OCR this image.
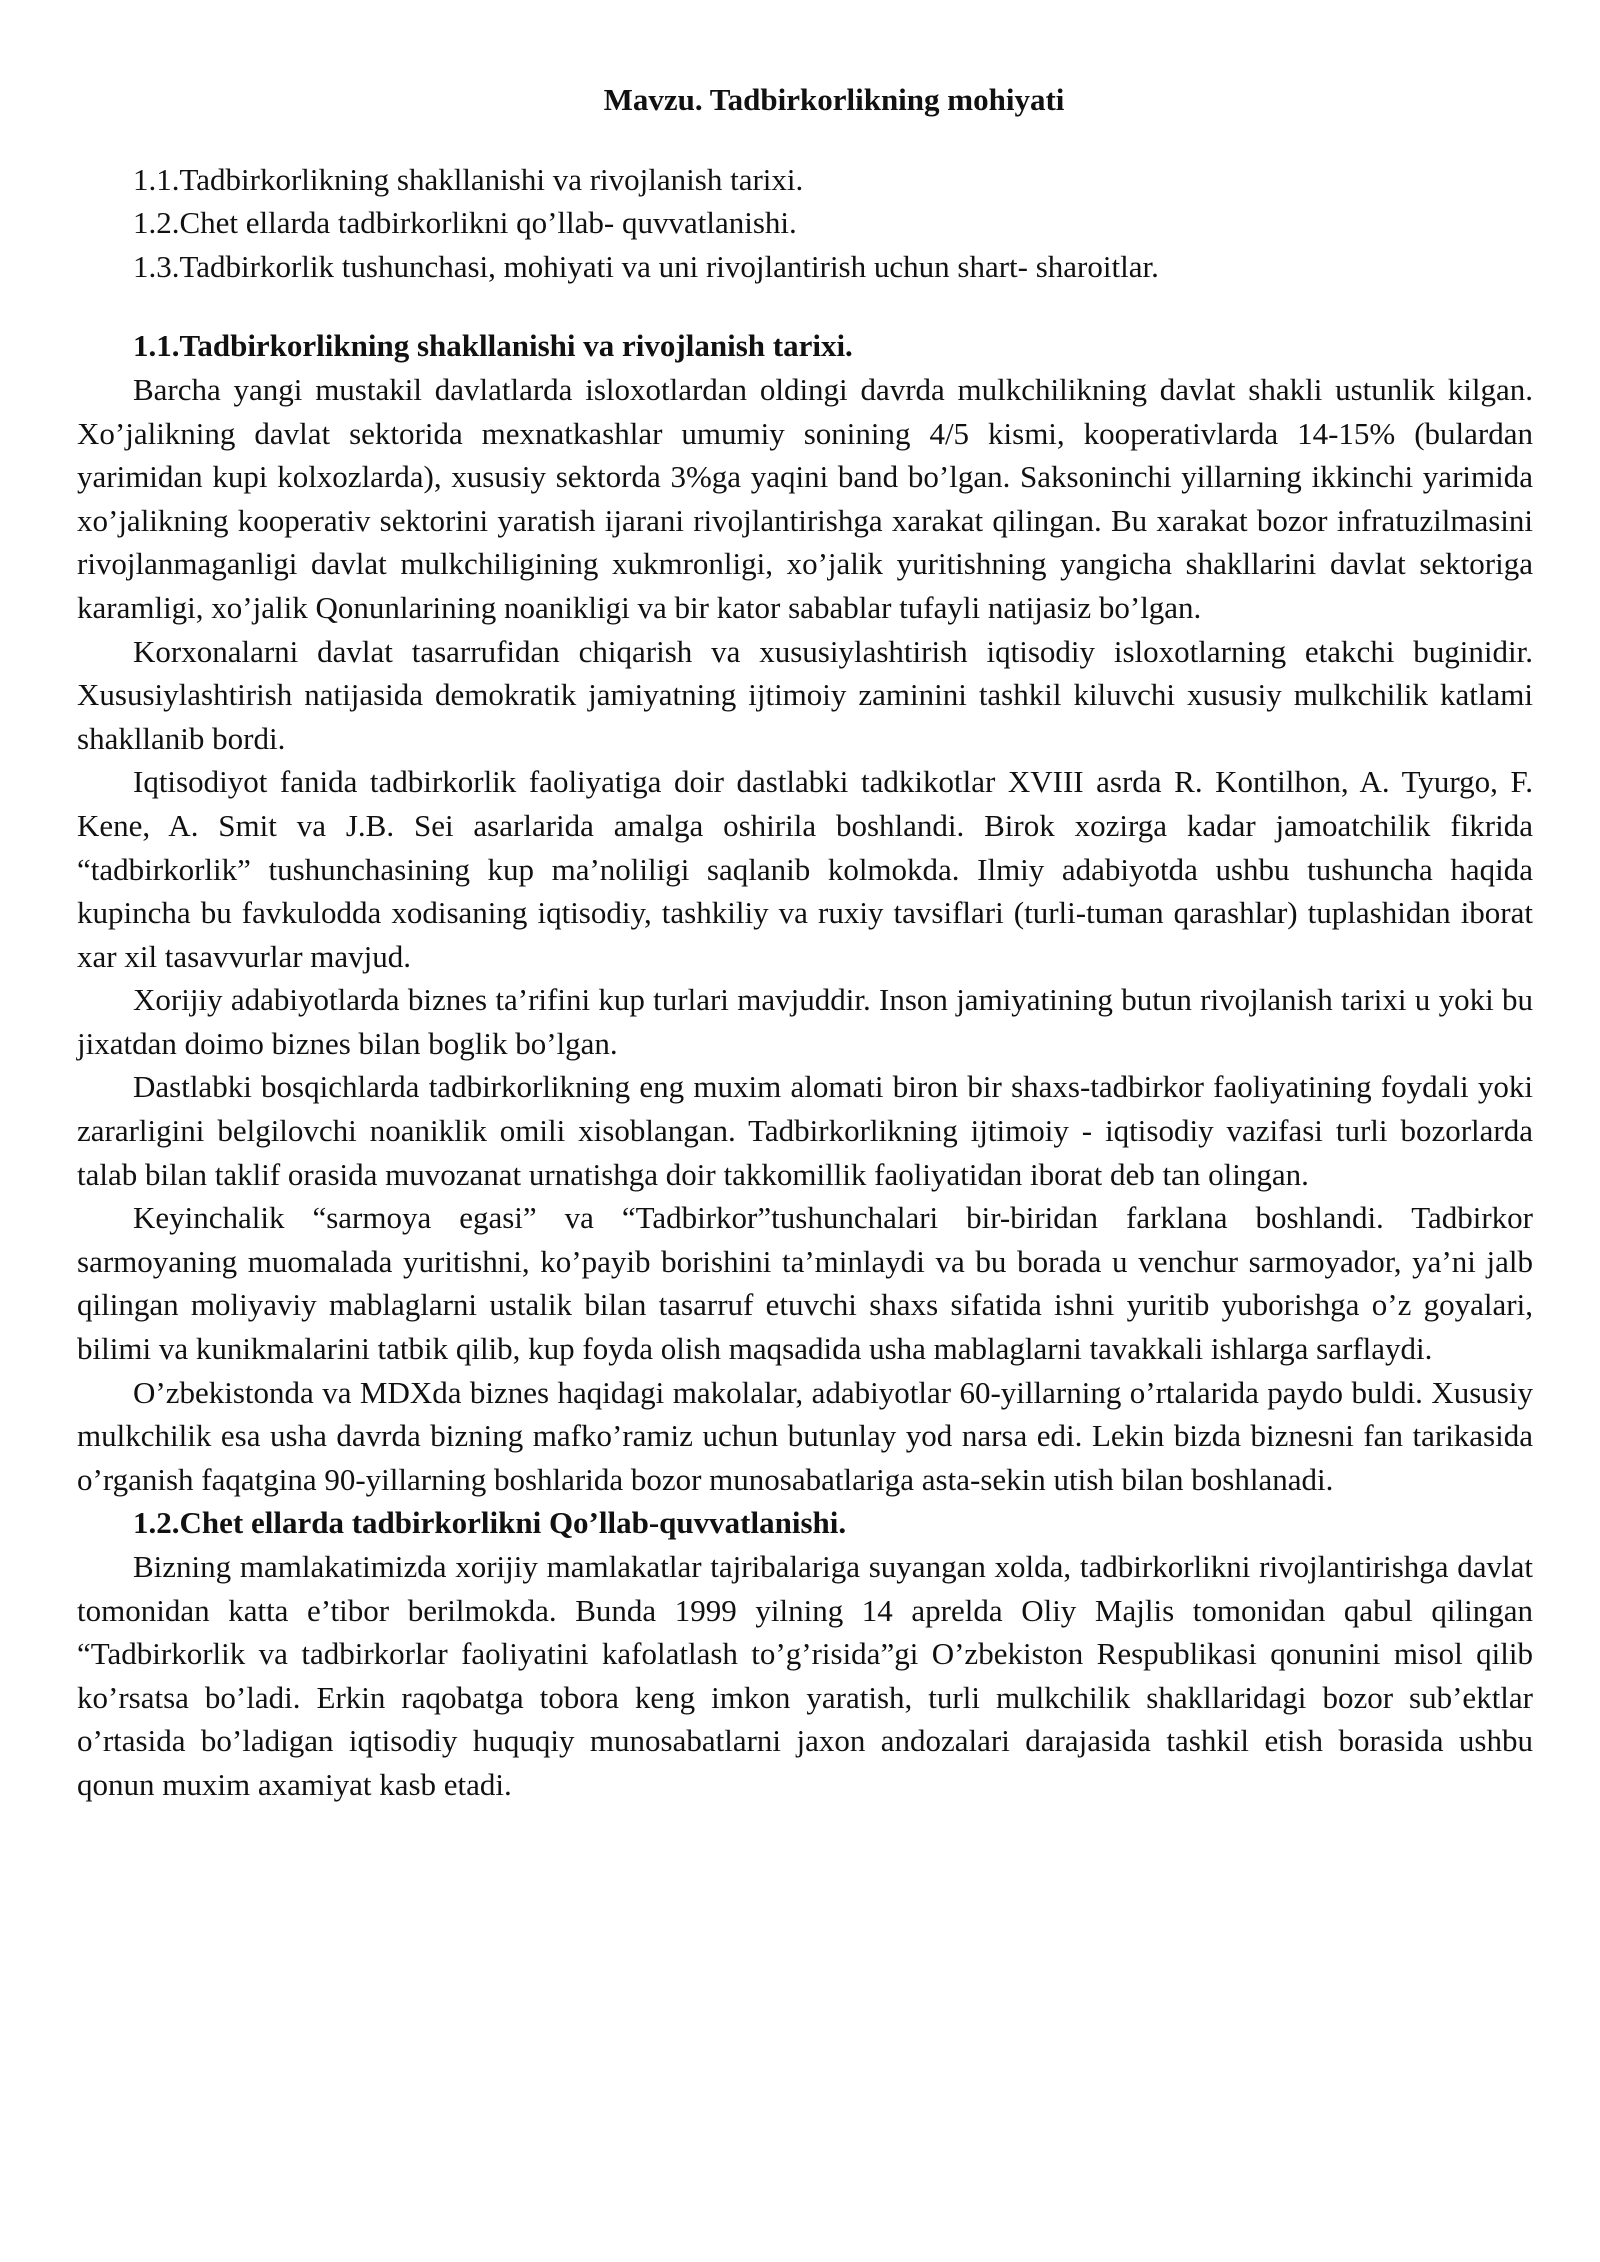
Mavzu. Tadbirkorlikning mohiyati
1.1.Tadbirkorlikning shakllanishi va rivojlanish tarixi.
1.2.Chet ellarda tadbirkorlikni qo’llab- quvvatlanishi.
1.3.Tadbirkorlik tushunchasi, mohiyati va uni rivojlantirish uchun shart- sharoitlar.
1.1.Tadbirkorlikning shakllanishi va rivojlanish tarixi.

Barcha yangi mustakil davlatlarda isloxotlardan oldingi davrda mulkchilikning davlat shakli ustunlik kilgan. Xo’jalikning davlat sektorida mexnatkashlar umumiy sonining 4/5 kismi, kooperativlarda 14-15% (bulardan yarimidan kupi kolxozlarda), xususiy sektorda 3%ga yaqini band bo’lgan. Saksoninchi yillarning ikkinchi yarimida xo’jalikning kooperativ sektorini yaratish ijarani rivojlantirishga xarakat qilingan. Bu xarakat bozor infratuzilmasini rivojlanmaganligi davlat mulkchiligining xukmronligi, xo’jalik yuritishning yangicha shakllarini davlat sektoriga karamligi, xo’jalik Qonunlarining noanikligi va bir kator sabablar tufayli natijasiz bo’lgan.

Korxonalarni davlat tasarrufidan chiqarish va xususiylashtirish iqtisodiy isloxotlarning etakchi buginidir. Xususiylashtirish natijasida demokratik jamiyatning ijtimoiy zaminini tashkil kiluvchi xususiy mulkchilik katlami shakllanib bordi.

Iqtisodiyot fanida tadbirkorlik faoliyatiga doir dastlabki tadkikotlar XVIII asrda R. Kontilhon, A. Tyurgo, F. Kene, A. Smit va J.B. Sei asarlarida amalga oshirila boshlandi. Birok xozirga kadar jamoatchilik fikrida “tadbirkorlik” tushunchasining kup ma’noliligi saqlanib kolmokda. Ilmiy adabiyotda ushbu tushuncha haqida kupincha bu favkulodda xodisaning iqtisodiy, tashkiliy va ruxiy tavsiflari (turli-tuman qarashlar) tuplashidan iborat xar xil tasavvurlar mavjud.

Xorijiy adabiyotlarda biznes ta’rifini kup turlari mavjuddir. Inson jamiyatining butun rivojlanish tarixi u yoki bu jixatdan doimo biznes bilan boglik bo’lgan.

Dastlabki bosqichlarda tadbirkorlikning eng muxim alomati biron bir shaxs-tadbirkor faoliyatining foydali yoki zararligini belgilovchi noaniklik omili xisoblangan. Tadbirkorlikning ijtimoiy - iqtisodiy vazifasi turli bozorlarda talab bilan taklif orasida muvozanat urnatishga doir takkomillik faoliyatidan iborat deb tan olingan.

Keyinchalik “sarmoya egasi” va “Tadbirkor”tushunchalari bir-biridan farklana boshlandi. Tadbirkor sarmoyaning muomalada yuritishni, ko’payib borishini ta’minlaydi va bu borada u venchur sarmoyador, ya’ni jalb qilingan moliyaviy mablaglarni ustalik bilan tasarruf etuvchi shaxs sifatida ishni yuritib yuborishga o’z goyalari, bilimi va kunikmalarini tatbik qilib, kup foyda olish maqsadida usha mablaglarni tavakkali ishlarga sarflaydi.

O’zbekistonda va MDXda biznes haqidagi makolalar, adabiyotlar 60-yillarning o’rtalarida paydo buldi. Xususiy mulkchilik esa usha davrda bizning mafko’ramiz uchun butunlay yod narsa edi. Lekin bizda biznesni fan tarikasida o’rganish faqatgina 90-yillarning boshlarida bozor munosabatlariga asta-sekin utish bilan boshlanadi.

1.2.Chet ellarda tadbirkorlikni Qo’llab-quvvatlanishi.

Bizning mamlakatimizda xorijiy mamlakatlar tajribalariga suyangan xolda, tadbirkorlikni rivojlantirishga davlat tomonidan katta e’tibor berilmokda. Bunda 1999 yilning 14 aprelda Oliy Majlis tomonidan qabul qilingan “Tadbirkorlik va tadbirkorlar faoliyatini kafolatlash to’g’risida”gi O’zbekiston Respublikasi qonunini misol qilib ko’rsatsa bo’ladi. Erkin raqobatga tobora keng imkon yaratish, turli mulkchilik shakllaridagi bozor sub’ektlar o’rtasida bo’ladigan iqtisodiy huquqiy munosabatlarni jaxon andozalari darajasida tashkil etish borasida ushbu qonun muxim axamiyat kasb etadi.
